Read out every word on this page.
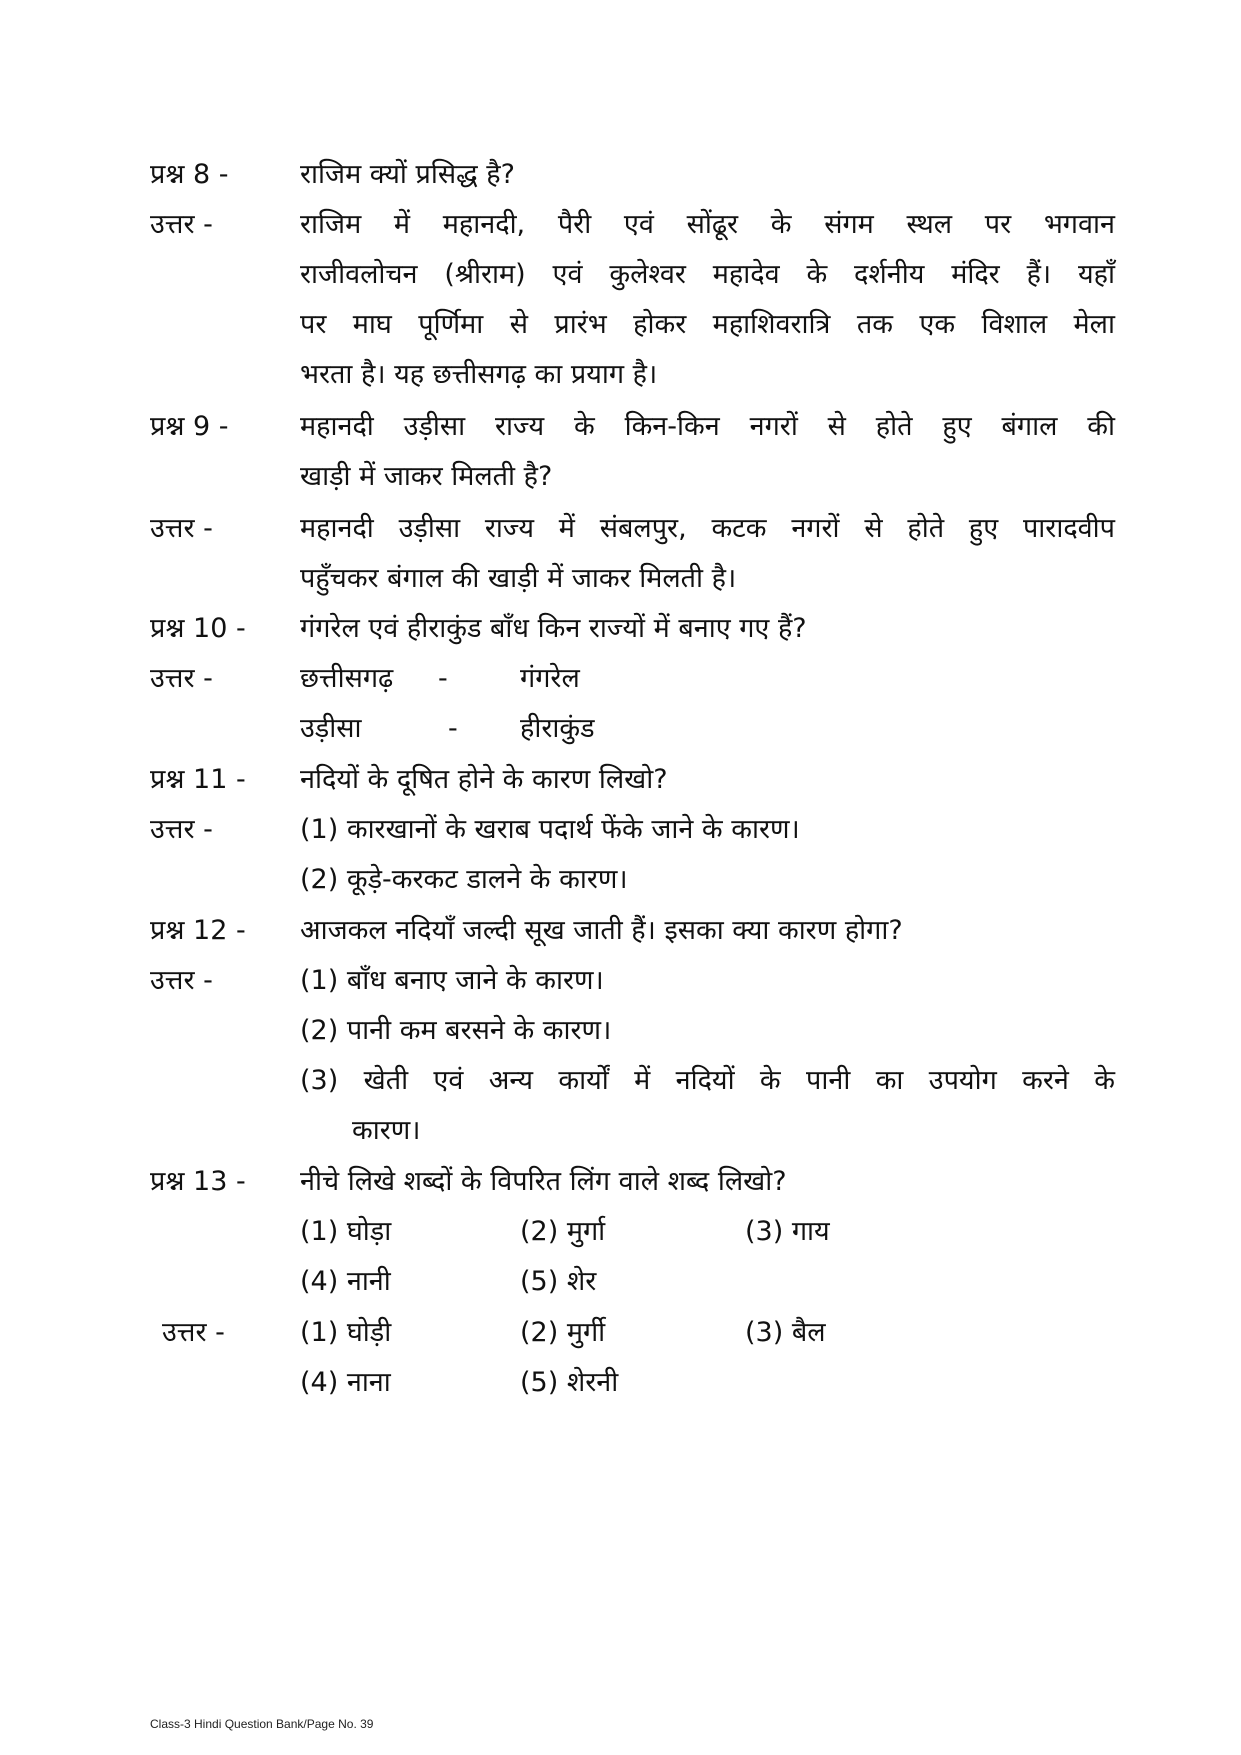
प्रश्न 8 -	राजिम क्यों प्रसिद्ध है?
उत्तर -	राजिम में महानदी, पैरी एवं सोंढूर के संगम स्थल पर भगवान
राजीवलोचन (श्रीराम) एवं कुलेश्वर महादेव के दर्शनीय मंदिर हैं। यहाँ
पर माघ पूर्णिमा से प्रारंभ होकर महाशिवरात्रि तक एक विशाल मेला
भरता है। यह छत्तीसगढ़ का प्रयाग है।
प्रश्न 9 -	महानदी उड़ीसा राज्य के किन-किन नगरों से होते हुए बंगाल की
खाड़ी में जाकर मिलती है?
उत्तर -	महानदी उड़ीसा राज्य में संबलपुर, कटक नगरों से होते हुए पारादवीप
पहुँचकर बंगाल की खाड़ी में जाकर मिलती है।
प्रश्न 10 - गंगरेल एवं हीराकुंड बाँध किन राज्यों में बनाए गए हैं?
उत्तर -	छत्तीसगढ़	-	गंगरेल
उड़ीसा	- हीराकुंड
प्रश्न 11 - नदियों के दूषित होने के कारण लिखो?
उत्तर -	(1) कारखानों के खराब पदार्थ फेंके जाने के कारण।
(2) कूड़े-करकट डालने के कारण।
प्रश्न 12 - आजकल नदियाँ जल्दी सूख जाती हैं। इसका क्या कारण होगा?
उत्तर -	(1) बाँध बनाए जाने के कारण।
(2) पानी कम बरसने के कारण।
(3) खेती एवं अन्य कार्यों में नदियों के पानी का उपयोग करने के
कारण।
प्रश्न 13 - नीचे लिखे शब्दों के विपरित लिंग वाले शब्द लिखो?
(1) घोड़ा	(2) मुर्गा	(3) गाय
(4) नानी	(5) शेर
उत्तर -	(1) घोड़ी	(2) मुर्गी	(3) बैल
(4) नाना	(5) शेरनी
Class-3 Hindi Question Bank/Page No. 39
